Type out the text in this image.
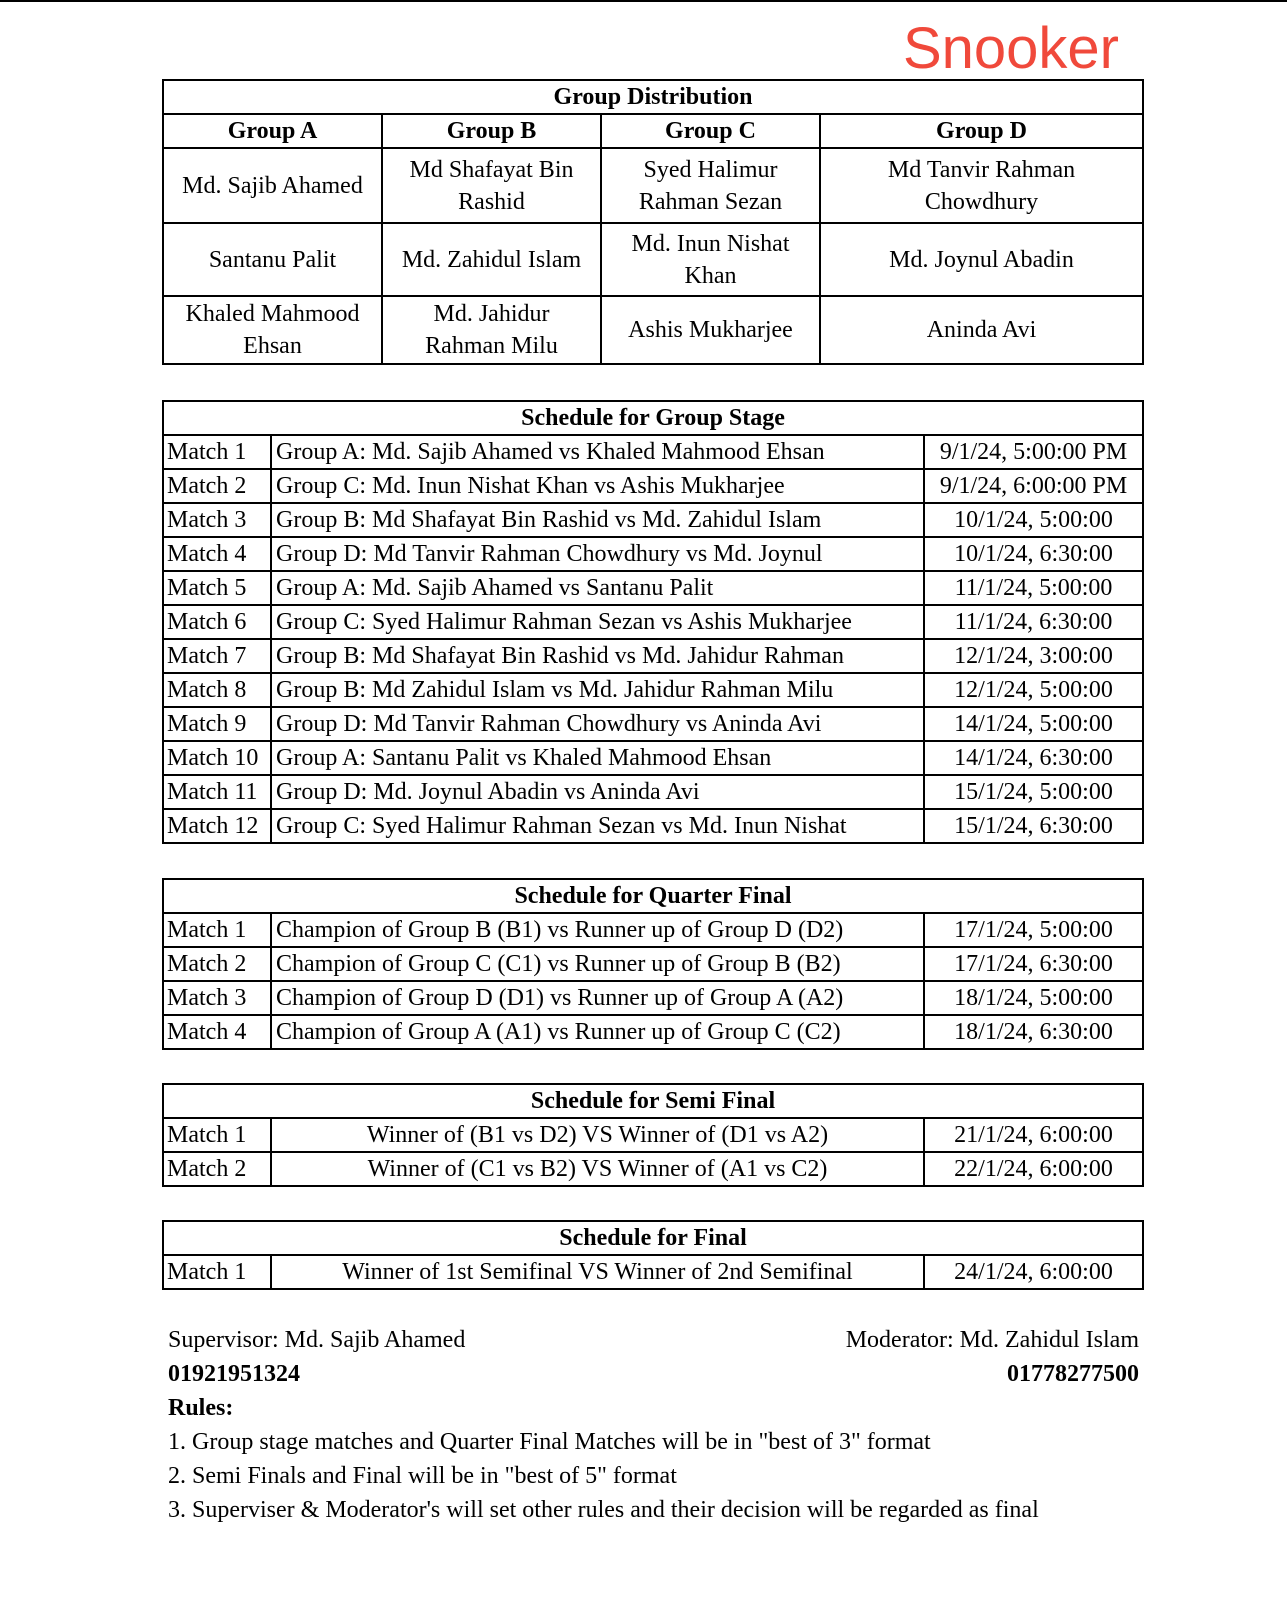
Snooker
Group Distribution			
Group A	Group B	Group C	Group D
Md. Sajib Ahamed	Md Shafayat Bin Rashid	Syed Halimur Rahman Sezan	Md Tanvir Rahman Chowdhury
Santanu Palit	Md. Zahidul Islam	Md. Inun Nishat Khan	Md. Joynul Abadin
Khaled Mahmood Ehsan	Md. Jahidur Rahman Milu	Ashis Mukharjee	Aninda Avi
Schedule for Group Stage		
Match 1	Group A: Md. Sajib Ahamed vs Khaled Mahmood Ehsan	9/1/24, 5:00:00 PM
Match 2	Group C: Md. Inun Nishat Khan vs Ashis Mukharjee	9/1/24, 6:00:00 PM
Match 3	Group B: Md Shafayat Bin Rashid vs Md. Zahidul Islam	10/1/24, 5:00:00
Match 4	Group D: Md Tanvir Rahman Chowdhury vs Md. Joynul	10/1/24, 6:30:00
Match 5	Group A: Md. Sajib Ahamed vs Santanu Palit	11/1/24, 5:00:00
Match 6	Group C: Syed Halimur Rahman Sezan vs Ashis Mukharjee	11/1/24, 6:30:00
Match 7	Group B: Md Shafayat Bin Rashid vs Md. Jahidur Rahman	12/1/24, 3:00:00
Match 8	Group B: Md Zahidul Islam vs Md. Jahidur Rahman Milu	12/1/24, 5:00:00
Match 9	Group D: Md Tanvir Rahman Chowdhury vs Aninda Avi	14/1/24, 5:00:00
Match 10	Group A: Santanu Palit vs Khaled Mahmood Ehsan	14/1/24, 6:30:00
Match 11	Group D: Md. Joynul Abadin vs Aninda Avi	15/1/24, 5:00:00
Match 12	Group C: Syed Halimur Rahman Sezan vs Md. Inun Nishat	15/1/24, 6:30:00
Schedule for Quarter Final		
Match 1	Champion of Group B (B1) vs Runner up of Group D (D2)	17/1/24, 5:00:00
Match 2	Champion of Group C (C1) vs Runner up of Group B (B2)	17/1/24, 6:30:00
Match 3	Champion of Group D (D1) vs Runner up of Group A (A2)	18/1/24, 5:00:00
Match 4	Champion of Group A (A1) vs Runner up of Group C (C2)	18/1/24, 6:30:00
Schedule for Semi Final		
Match 1	Winner of (B1 vs D2) VS Winner of (D1 vs A2)	21/1/24, 6:00:00
Match 2	Winner of (C1 vs B2) VS Winner of (A1 vs C2)	22/1/24, 6:00:00
Schedule for Final
Match 1	Winner of 1st Semifinal VS Winner of 2nd Semifinal	24/1/24, 6:00:00
Supervisor: Md. Sajib Ahamed	Moderator: Md. Zahidul Islam
01921951324	01778277500
Rules:
1. Group stage matches and Quarter Final Matches will be in "best of 3" format
2. Semi Finals and Final will be in "best of 5" format
3. Superviser & Moderator's will set other rules and their decision will be regarded as final
